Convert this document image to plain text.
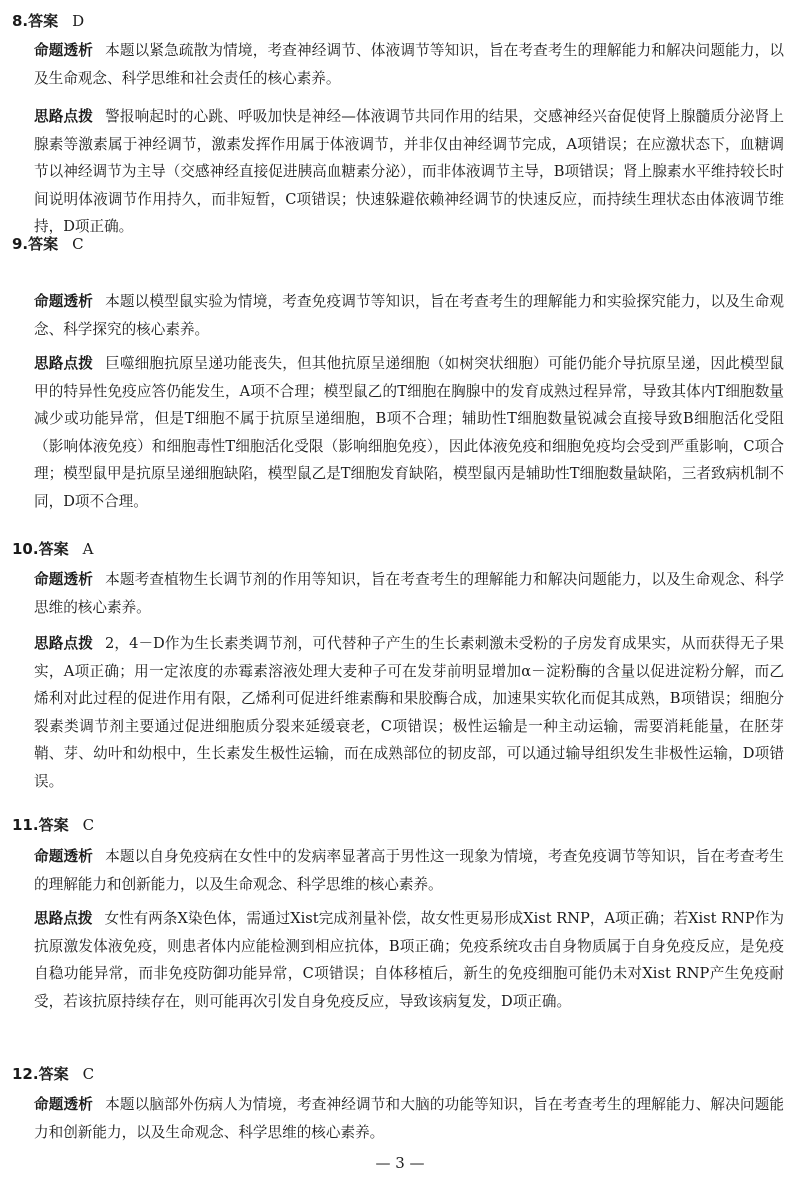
8.答案 D
命题透析 本题以紧急疏散为情境，考查神经调节、体液调节等知识，旨在考查考生的理解能力和解决问题能力，以及生命观念、科学思维和社会责任的核心素养。
思路点拨 警报响起时的心跳、呼吸加快是神经—体液调节共同作用的结果，交感神经兴奋促使肾上腺髓质分泌肾上腺素等激素属于神经调节，激素发挥作用属于体液调节，并非仅由神经调节完成，A项错误；在应激状态下，血糖调节以神经调节为主导（交感神经直接促进胰高血糖素分泌），而非体液调节主导，B项错误；肾上腺素水平维持较长时间说明体液调节作用持久，而非短暂，C项错误；快速躲避依赖神经调节的快速反应，而持续生理状态由体液调节维持，D项正确。
9.答案 C
命题透析 本题以模型鼠实验为情境，考查免疫调节等知识，旨在考查考生的理解能力和实验探究能力，以及生命观念、科学探究的核心素养。
思路点拨 巨噬细胞抗原呈递功能丧失，但其他抗原呈递细胞（如树突状细胞）可能仍能介导抗原呈递，因此模型鼠甲的特异性免疫应答仍能发生，A项不合理；模型鼠乙的T细胞在胸腺中的发育成熟过程异常，导致其体内T细胞数量减少或功能异常，但是T细胞不属于抗原呈递细胞，B项不合理；辅助性T细胞数量锐减会直接导致B细胞活化受阻（影响体液免疫）和细胞毒性T细胞活化受限（影响细胞免疫），因此体液免疫和细胞免疫均会受到严重影响，C项合理；模型鼠甲是抗原呈递细胞缺陷，模型鼠乙是T细胞发育缺陷，模型鼠丙是辅助性T细胞数量缺陷，三者致病机制不同，D项不合理。
10.答案 A
命题透析 本题考查植物生长调节剂的作用等知识，旨在考查考生的理解能力和解决问题能力，以及生命观念、科学思维的核心素养。
思路点拨 2，4－D作为生长素类调节剂，可代替种子产生的生长素刺激未受粉的子房发育成果实，从而获得无子果实，A项正确；用一定浓度的赤霉素溶液处理大麦种子可在发芽前明显增加α－淀粉酶的含量以促进淀粉分解，而乙烯利对此过程的促进作用有限，乙烯利可促进纤维素酶和果胶酶合成，加速果实软化而促其成熟，B项错误；细胞分裂素类调节剂主要通过促进细胞质分裂来延缓衰老，C项错误；极性运输是一种主动运输，需要消耗能量，在胚芽鞘、芽、幼叶和幼根中，生长素发生极性运输，而在成熟部位的韧皮部，可以通过输导组织发生非极性运输，D项错误。
11.答案 C
命题透析 本题以自身免疫病在女性中的发病率显著高于男性这一现象为情境，考查免疫调节等知识，旨在考查考生的理解能力和创新能力，以及生命观念、科学思维的核心素养。
思路点拨 女性有两条X染色体，需通过Xist完成剂量补偿，故女性更易形成Xist RNP，A项正确；若Xist RNP作为抗原激发体液免疫，则患者体内应能检测到相应抗体，B项正确；免疫系统攻击自身物质属于自身免疫反应，是免疫自稳功能异常，而非免疫防御功能异常，C项错误；自体移植后，新生的免疫细胞可能仍未对Xist RNP产生免疫耐受，若该抗原持续存在，则可能再次引发自身免疫反应，导致该病复发，D项正确。
12.答案 C
命题透析 本题以脑部外伤病人为情境，考查神经调节和大脑的功能等知识，旨在考查考生的理解能力、解决问题能力和创新能力，以及生命观念、科学思维的核心素养。
— 3 —
